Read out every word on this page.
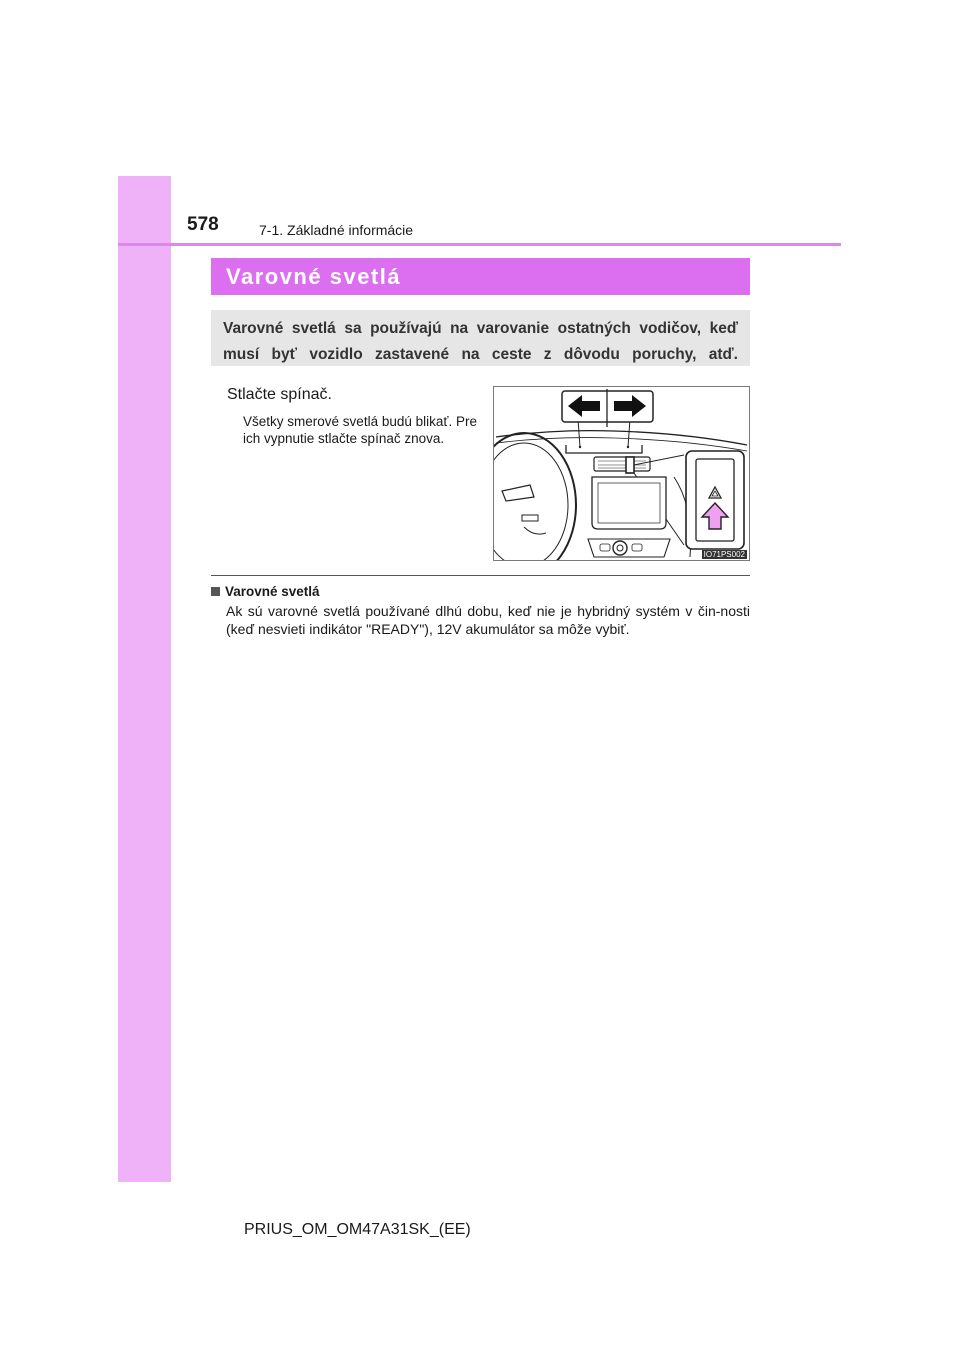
578	7-1. Základné informácie
Varovné svetlá
Varovné svetlá sa používajú na varovanie ostatných vodičov, keď musí byť vozidlo zastavené na ceste z dôvodu poruchy, atď.
Stlačte spínač.
Všetky smerové svetlá budú blikať. Pre ich vypnutie stlačte spínač znova.
IO71PS002
Varovné svetlá
Ak sú varovné svetlá používané dlhú dobu, keď nie je hybridný systém v čin-nosti (keď nesvieti indikátor "READY"), 12V akumulátor sa môže vybiť.
PRIUS_OM_OM47A31SK_(EE)
